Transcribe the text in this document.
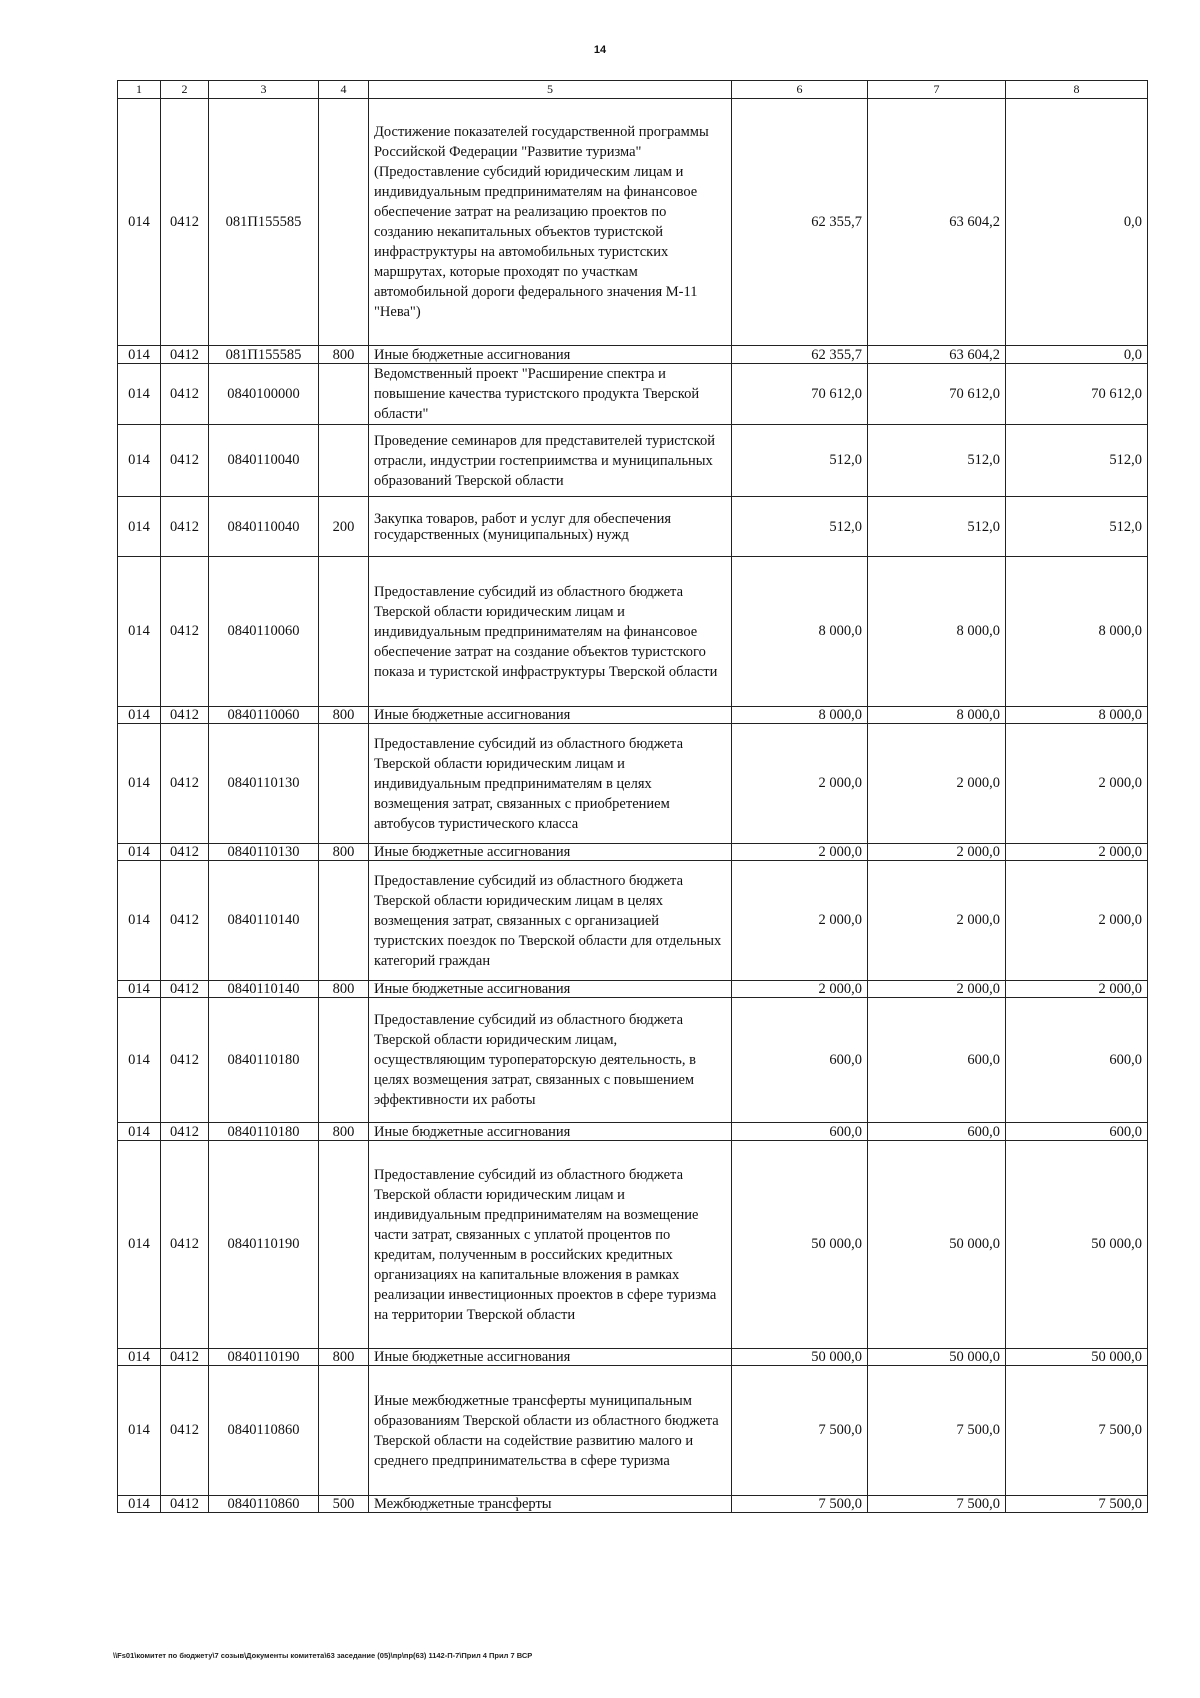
14
1	2	3	4	5	6	7	8
014	0412	081П155585		Достижение показателей государственной программы Российской Федерации "Развитие туризма" (Предоставление субсидий юридическим лицам и индивидуальным предпринимателям на финансовое обеспечение затрат на реализацию проектов по созданию некапитальных объектов туристской инфраструктуры на автомобильных туристских маршрутах, которые проходят по участкам автомобильной дороги федерального значения М-11 "Нева")	62 355,7	63 604,2	0,0
014	0412	081П155585	800	Иные бюджетные ассигнования	62 355,7	63 604,2	0,0
014	0412	0840100000		Ведомственный проект "Расширение спектра и повышение качества туристского продукта Тверской области"	70 612,0	70 612,0	70 612,0
014	0412	0840110040		Проведение семинаров для представителей туристской отрасли, индустрии гостеприимства и муниципальных образований Тверской области	512,0	512,0	512,0
014	0412	0840110040	200	Закупка товаров, работ и услуг для обеспечения государственных (муниципальных) нужд	512,0	512,0	512,0
014	0412	0840110060		Предоставление субсидий из областного бюджета Тверской области юридическим лицам и индивидуальным предпринимателям на финансовое обеспечение затрат на создание объектов туристского показа и туристской инфраструктуры Тверской области	8 000,0	8 000,0	8 000,0
014	0412	0840110060	800	Иные бюджетные ассигнования	8 000,0	8 000,0	8 000,0
014	0412	0840110130		Предоставление субсидий из областного бюджета Тверской области юридическим лицам и индивидуальным предпринимателям в целях возмещения затрат, связанных с приобретением автобусов туристического класса	2 000,0	2 000,0	2 000,0
014	0412	0840110130	800	Иные бюджетные ассигнования	2 000,0	2 000,0	2 000,0
014	0412	0840110140		Предоставление субсидий из областного бюджета Тверской области юридическим лицам в целях возмещения затрат, связанных с организацией туристских поездок по Тверской области для отдельных категорий граждан	2 000,0	2 000,0	2 000,0
014	0412	0840110140	800	Иные бюджетные ассигнования	2 000,0	2 000,0	2 000,0
014	0412	0840110180		Предоставление субсидий из областного бюджета Тверской области юридическим лицам, осуществляющим туроператорскую деятельность, в целях возмещения затрат, связанных с повышением эффективности их работы	600,0	600,0	600,0
014	0412	0840110180	800	Иные бюджетные ассигнования	600,0	600,0	600,0
014	0412	0840110190		Предоставление субсидий из областного бюджета Тверской области юридическим лицам и индивидуальным предпринимателям на возмещение части затрат, связанных с уплатой процентов по кредитам, полученным в российских кредитных организациях на капитальные вложения в рамках реализации инвестиционных проектов в сфере туризма на территории Тверской области	50 000,0	50 000,0	50 000,0
014	0412	0840110190	800	Иные бюджетные ассигнования	50 000,0	50 000,0	50 000,0
014	0412	0840110860		Иные межбюджетные трансферты муниципальным образованиям Тверской области из областного бюджета Тверской области на содействие развитию малого и среднего предпринимательства в сфере туризма	7 500,0	7 500,0	7 500,0
014	0412	0840110860	500	Межбюджетные трансферты	7 500,0	7 500,0	7 500,0
\\Fs01\комитет по бюджету\7 созыв\Документы комитета\63 заседание (05)\пр\пр(63) 1142-П-7\Прил 4 Прил 7 ВСР
